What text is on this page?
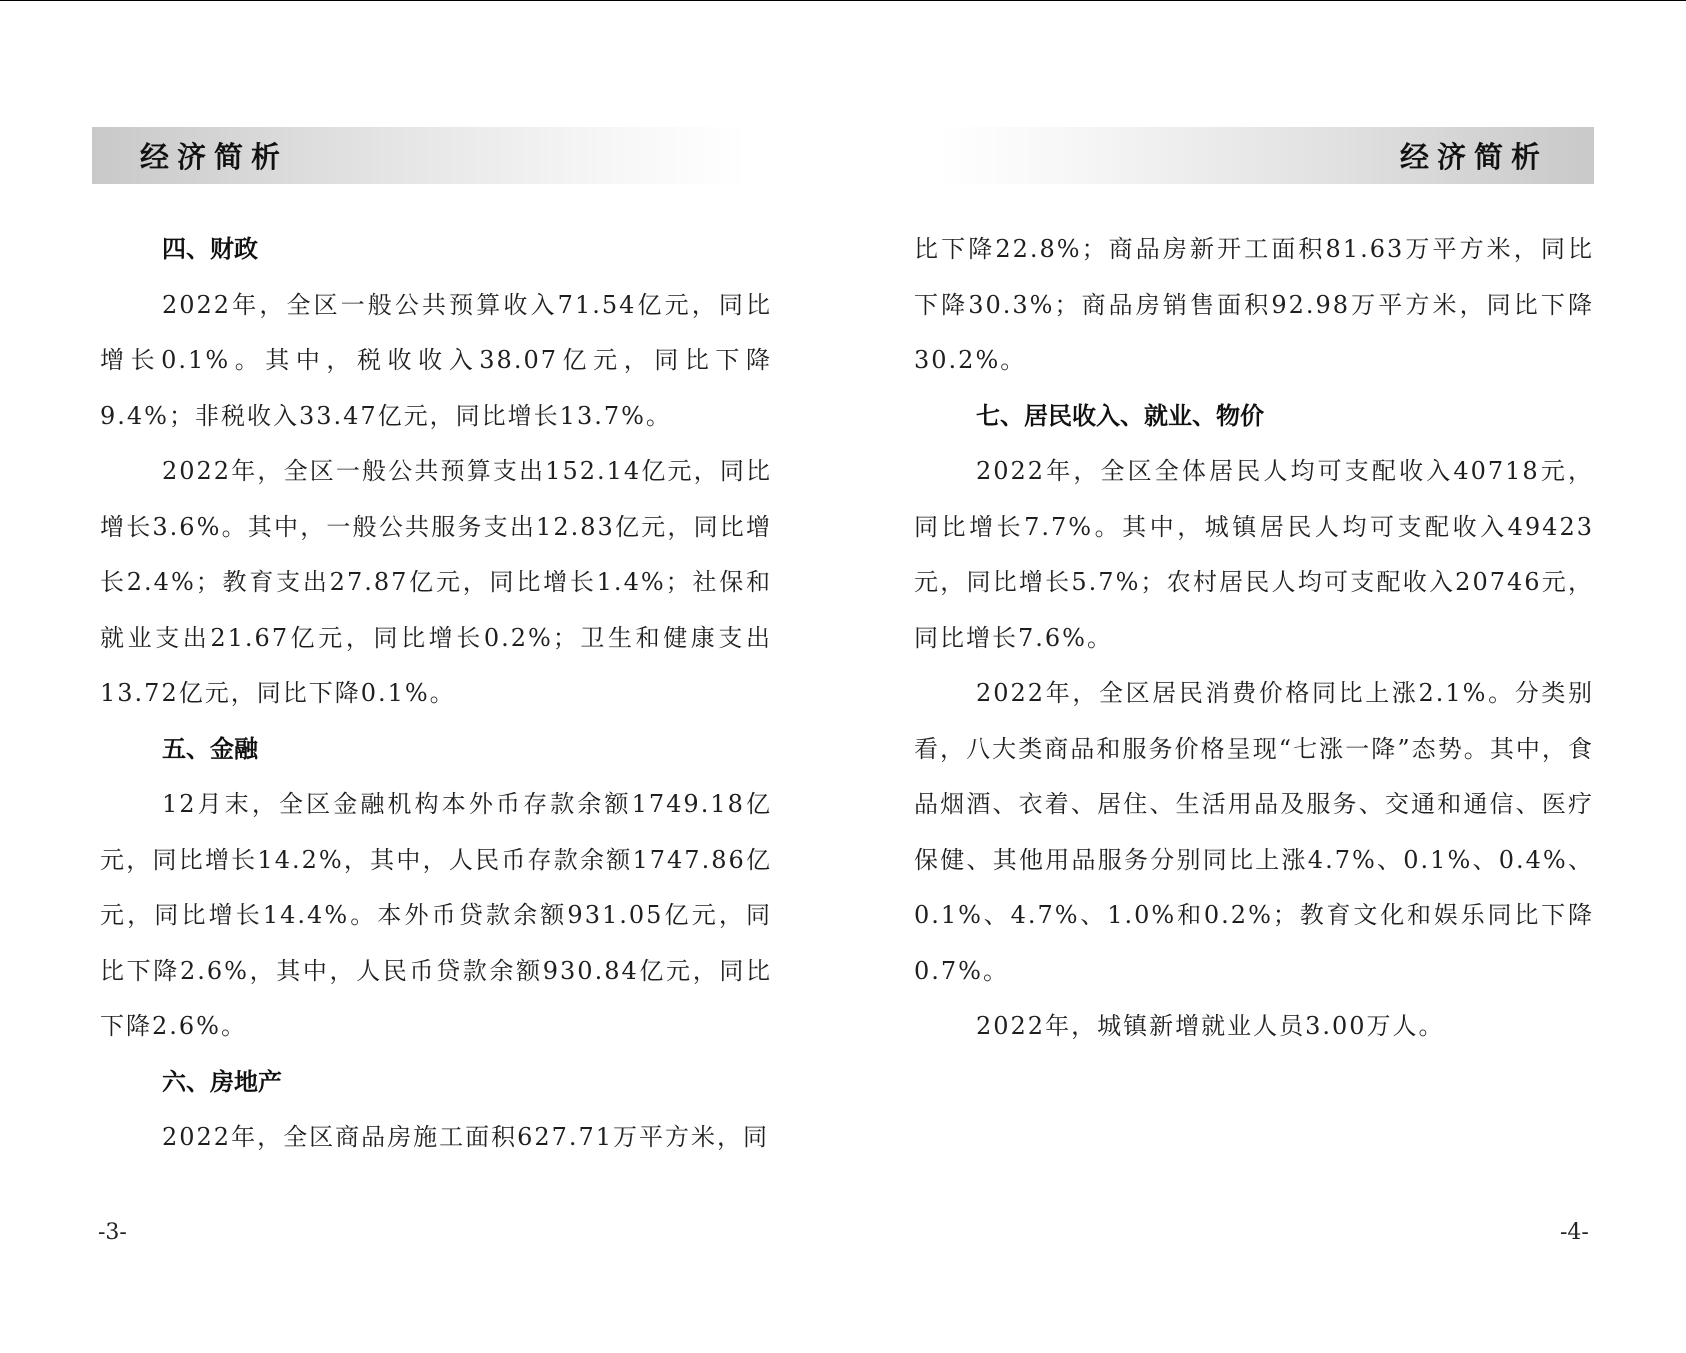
经济简析

四、财政

2022年，全区一般公共预算收入71.54亿元，同比增长0.1%。其中，税收收入38.07亿元，同比下降9.4%；非税收入33.47亿元，同比增长13.7%。

2022年，全区一般公共预算支出152.14亿元，同比增长3.6%。其中，一般公共服务支出12.83亿元，同比增长2.4%；教育支出27.87亿元，同比增长1.4%；社保和就业支出21.67亿元，同比增长0.2%；卫生和健康支出13.72亿元，同比下降0.1%。

五、金融

12月末，全区金融机构本外币存款余额1749.18亿元，同比增长14.2%，其中，人民币存款余额1747.86亿元，同比增长14.4%。本外币贷款余额931.05亿元，同比下降2.6%，其中，人民币贷款余额930.84亿元，同比下降2.6%。

六、房地产

2022年，全区商品房施工面积627.71万平方米，同

-3-
经济简析

比下降22.8%；商品房新开工面积81.63万平方米，同比下降30.3%；商品房销售面积92.98万平方米，同比下降30.2%。

七、居民收入、就业、物价

2022年，全区全体居民人均可支配收入40718元，同比增长7.7%。其中，城镇居民人均可支配收入49423元，同比增长5.7%；农村居民人均可支配收入20746元，同比增长7.6%。

2022年，全区居民消费价格同比上涨2.1%。分类别看，八大类商品和服务价格呈现“七涨一降”态势。其中，食品烟酒、衣着、居住、生活用品及服务、交通和通信、医疗保健、其他用品服务分别同比上涨4.7%、0.1%、0.4%、0.1%、4.7%、1.0%和0.2%；教育文化和娱乐同比下降0.7%。

2022年，城镇新增就业人员3.00万人。

-4-
